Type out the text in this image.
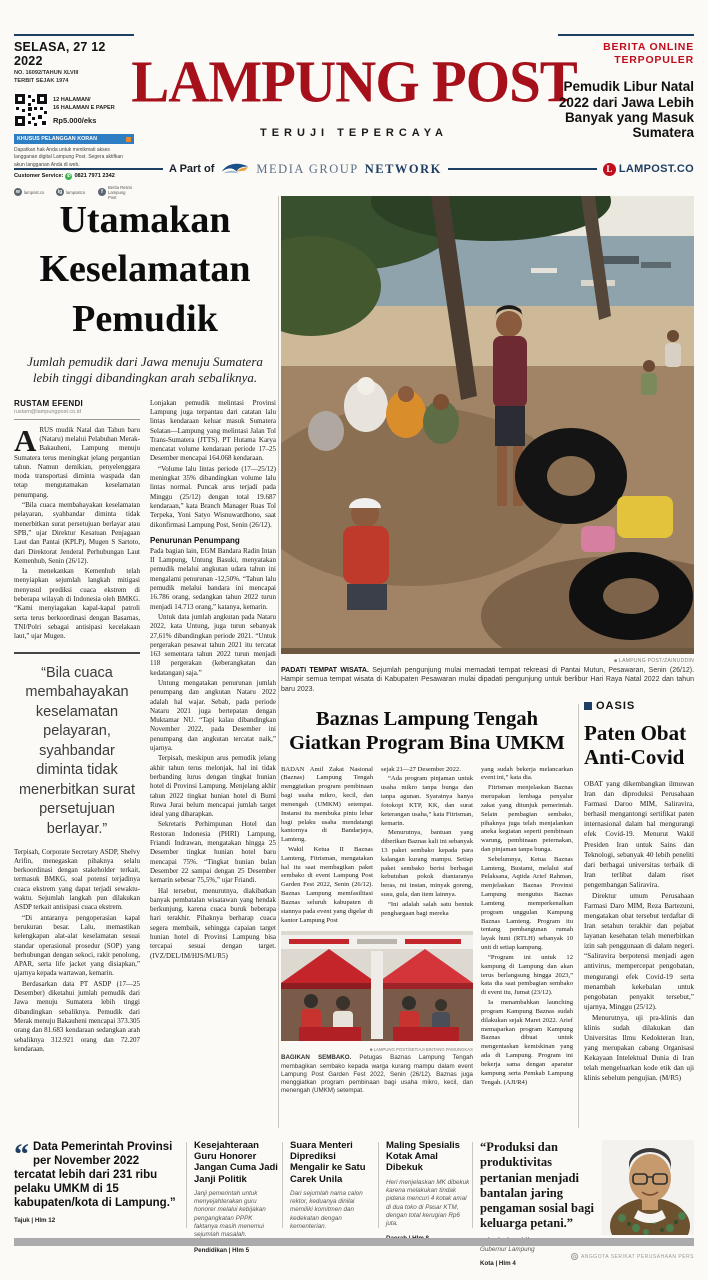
SELASA, 27 12 2022
NO. 16092/TAHUN XLVIII
TERBIT SEJAK 1974
12 HALAMAN/
16 HALAMAN E PAPER
Rp5.000/eks
KHUSUS PELANGGAN KORAN
Dapatkan hak Anda untuk menikmati akses langganan digital Lampung Post. Segera aktifkan akun langganan Anda di web.
Customer Service: ✆ 0821 7971 2342
w lampost.co	ig lampostco	f
Berita Resmi Lampung Post
LAMPUNG POST
TERUJI TEPERCAYA
BERITA ONLINE
TERPOPULER
Pemudik Libur Natal 2022 dari Jawa Lebih Banyak yang Masuk Sumatera
A Part of	MEDIA GROUP NETWORK	L LAMPOST.CO
Utamakan Keselamatan Pemudik
Jumlah pemudik dari Jawa menuju Sumatera lebih tinggi dibandingkan arah sebaliknya.
RUSTAM EFENDI
rustam@lampungpost.co.id

ARUS mudik Natal dan Tahun baru (Nataru) melalui Pelabuhan Merak-Bakauheni, Lampung menuju Sumatera terus meningkat jelang pergantian tahun. Namun demikian, penyelenggara moda transportasi diminta waspada dan tetap mengutamakan keselamatan penumpang.

“Bila cuaca membahayakan keselamatan pelayaran, syahbandar diminta tidak menerbitkan surat persetujuan berlayar atau SPB,” ujar Direktur Kesatuan Penjagaan Laut dan Pantai (KPLP), Mugen S Sartoto, dari Direktorat Jenderal Perhubungan Laut Kemenhub, Senin (26/12).

Ia menekankan Kemenhub telah menyiapkan sejumlah langkah mitigasi menyusul prediksi cuaca ekstrem di beberapa wilayah di Indonesia oleh BMKG. “Kami menyiagakan kapal-kapal patroli serta terus berkoordinasi dengan Basarnas, TNI/Polri sebagai antisipasi kecelakaan laut,” ujar Mugen.

“Bila cuaca membahayakan keselamatan pelayaran, syahbandar diminta tidak menerbitkan surat persetujuan berlayar.”

Terpisah, Corporate Secretary ASDP, Shelvy Arifin, menegaskan pihaknya selalu berkoordinasi dengan stakeholder terkait, termasuk BMKG, soal potensi terjadinya cuaca ekstrem yang dapat terjadi sewaktu-waktu. Sejumlah langkah pun dilakukan ASDP terkait antisipasi cuaca ekstrem.

“Di antaranya pengoperasian kapal berukuran besar. Lalu, memastikan kelengkapan alat-alat keselamatan sesuai standar operasional prosedur (SOP) yang berhubungan dengan sekoci, rakit penolong, APAR, serta life jacket yang disiapkan,” ujarnya kepada wartawan, kemarin.

Berdasarkan data PT ASDP (17—25 Desember) diketahui jumlah pemudik dari Jawa menuju Sumatera lebih tinggi dibandingkan sebaliknya. Pemudik dari Merak menuju Bakauheni mencapai 373.305 orang dan 81.683 kendaraan sedangkan arah sebaliknya 312.921 orang dan 72.207 kendaraan.

Lonjakan pemudik melintasi Provinsi Lampung juga terpantau dari catatan lalu lintas kendaraan keluar masuk Sumatera Selatan—Lampung yang melintasi Jalan Tol Trans-Sumatera (JTTS). PT Hutama Karya mencatat volume kendaraan periode 17–25 Desember mencapai 164.068 kendaraan.

“Volume lalu lintas periode (17—25/12) meningkat 35% dibandingkan volume lalu lintas normal. Puncak arus terjadi pada Minggu (25/12) dengan total 19.687 kendaraan,” kata Branch Manager Ruas Tol Terpeka, Yoni Satyo Wisnuwardhono, saat dikonfirmasi Lampung Post, Senin (26/12).

Penurunan Penumpang

Pada bagian lain, EGM Bandara Radin Intan II Lampung, Untung Basuki, menyatakan pemudik melalui angkutan udara tahun ini mengalami penurunan -12,50%. “Tahun lalu pemudik melalui bandara ini mencapai 16.786 orang, sedangkan tahun 2022 turun menjadi 14.713 orang,” katanya, kemarin.

Untuk data jumlah angkutan pada Nataru 2022, kata Untung, juga turun sebanyak 27,61% dibandingkan periode 2021. “Untuk pergerakan pesawat tahun 2021 itu tercatat 163 sementara tahun 2022 turun menjadi 118 pergerakan (keberangkatan dan kedatangan) saja.”

Untung mengatakan penurunan jumlah penumpang dan angkutan Nataru 2022 adalah hal wajar. Sebab, pada periode Nataru 2021 juga bertepatan dengan Muktamar NU. “Tapi kalau dibandingkan November 2022, pada Desember ini penumpang dan angkutan tercatat naik,” ujarnya.

Terpisah, meskipun arus pemudik jelang akhir tahun terus melonjak, hal ini tidak berbanding lurus dengan tingkat hunian hotel di Provinsi Lampung. Menjelang akhir tahun 2022 tingkat hunian hotel di Bumi Ruwa Jurai belum mencapai jumlah target ideal yang diharapkan.

Sekretaris Perhimpunan Hotel dan Restoran Indonesia (PHRI) Lampung, Friandi Indrawan, mengatakan hingga 25 Desember tingkat hunian hotel baru mencapai 75%. “Tingkat hunian bulan Desember 22 sampai dengan 25 Desember kemarin sebesar 75,5%,” ujar Friandi.

Hal tersebut, menurutnya, diakibatkan banyak pembatalan wisatawan yang hendak berkunjung, karena cuaca buruk beberapa hari terakhir. Pihaknya berharap cuaca segera membaik, sehingga capaian target hunian hotel di Provinsi Lampung bisa tercapai sesuai dengan target. (IVZ/DEL/IM/HJS/M1/R5)

■ LAMPUNG POST/ZAINUDDIN
PADATI TEMPAT WISATA. Sejumlah pengunjung mulai memadati tempat rekreasi di Pantai Mutun, Pesawaran, Senin (26/12). Hampir semua tempat wisata di Kabupaten Pesawaran mulai dipadati pengunjung untuk berlibur Hari Raya Natal 2022 dan tahun baru 2023.
Baznas Lampung Tengah Giatkan Program Bina UMKM

BADAN Amil Zakat Nasional (Baznas) Lampung Tengah menggiatkan program pembinaan bagi usaha mikro, kecil, dan menengah (UMKM) setempat. Instansi itu membuka pintu lebar bagi pelaku usaha mendatangi kantornya di Bandarjaya, Lamteng.

Wakil Ketua II Baznas Lamteng, Fitrisman, mengatakan hal itu saat membagikan paket sembako di event Lampung Post Garden Fest 2022, Senin (26/12). Baznas Lampung memfasilitasi Baznas seluruh kabupaten di stannya pada event yang digelar di kantor Lampung Post

sejak 21—27 Desember 2022.

“Ada program pinjaman untuk usaha mikro tanpa bunga dan tanpa agunan. Syaratnya hanya fotokopi KTP, KK, dan surat keterangan usaha,” kata Fitrisman, kemarin.

Menurutnya, bantuan yang diberikan Baznas kali ini sebanyak 13 paket sembako kepada para kalangan kurang mampu. Setiap paket sembako berisi berbagai kebutuhan pokok diantaranya beras, mi instan, minyak goreng, susu, gula, dan item lainnya.

“Ini adalah salah satu bentuk penghargaan bagi mereka

yang sudah bekerja melancarkan event ini,” kata dia.

Fitrisman menjelaskan Baznas merupakan lembaga penyalur zakat yang ditunjuk pemerintah. Selain pembagian sembako, pihaknya juga telah menjalankan aneka kegiatan seperti pembinaan warung, pembinaan peternakan, dan pinjaman tanpa bunga.

Sebelumnya, Ketua Baznas Lamteng, Bustami, melalui staf Pelaksana, Aqtida Arief Rahman, menjelaskan Baznas Provinsi Lampung mengutus Baznas Lamteng memperkenalkan program unggulan Kampung Baznas Lamteng. Program itu tentang pembangunan rumah layak huni (RTLH) sebanyak 10 unit di setiap kampung.

“Program ini untuk 12 kampung di Lampung dan akan terus berlangsung hingga 2023,” kata dia saat pembagian sembako di event itu, Jumat (23/12).

Ia menambahkan launching program Kampung Baznas sudah dilakukan sejak Maret 2022. Arief memaparkan program Kampung Baznas dibuat untuk mengentaskan kemiskinan yang ada di Lampung. Program ini bekerja sama dengan aparatur kampung serta Pemkab Lampung Tengah. (AJI/R4)

■ LAMPUNG POST/SETIAJI BINTANG PAMUNGKAS
BAGIKAN SEMBAKO. Petugas Baznas Lampung Tengah membagikan sembako kepada warga kurang mampu dalam event Lampung Post Garden Fest 2022, Senin (26/12). Baznas juga menggiatkan program pembinaan bagi usaha mikro, kecil, dan menengah (UMKM) setempat.
OASIS
Paten Obat Anti-Covid

OBAT yang dikembangkan ilmuwan Iran dan diproduksi Perusahaan Farmasi Daroo MIM, Saliravira, berhasil mengantongi sertifikat paten internasional dalam hal mengurangi efek Covid-19. Menurut Wakil Presiden Iran untuk Sains dan Teknologi, sebanyak 40 lebih peneliti dari berbagai universitas terbaik di Iran terlibat dalam riset pengembangan Saliravira.

Direktur umum Perusahaan Farmasi Daro MIM, Reza Bartezuni, mengatakan obat tersebut terdaftar di Iran setahun terakhir dan pejabat layanan kesehatan telah menerbitkan izin sah penggunaan di dalam negeri. “Saliravira berpotensi menjadi agen antivirus, mempercepat pengobatan, mengurangi efek Covid-19 serta menambah kekebalan untuk pengobatan penyakit tersebut,” ujarnya, Minggu (25/12).

Menurutnya, uji pra-klinis dan klinis sudah dilakukan dan Universitas Ilmu Kedokteran Iran, yang merupakan cabang Organisasi Kekayaan Intelektual Dunia di Iran telah mengeluarkan kode etik dan uji klinis sebelum pengujian. (M/R5)

“ Data Pemerintah Provinsi per November 2022 tercatat lebih dari 231 ribu pelaku UMKM di 15 kabupaten/kota di Lampung.”
Tajuk | Hlm 12
Kesejahteraan Guru Honorer Jangan Cuma Jadi Janji Politik
Janji pemerintah untuk menyejahterakan guru honorer melalui kebijakan pengangkatan PPPK faktanya masih menemui sejumlah masalah.
Pendidikan | Hlm 5
Suara Menteri Diprediksi Mengalir ke Satu Carek Unila
Dari sejumlah nama calon rektor, keduanya dinilai memiliki komitmen dan kedekatan dengan kementerian.
Maling Spesialis Kotak Amal Dibekuk
Heri menjelaskan MK dibekuk karena melakukan tindak pidana mencuri 4 kotak amal di dua toko di Pasar KTM, dengan total kerugian Rp6 juta.
“Produksi dan produktivitas pertanian menjadi bantalan jaring pengaman sosial bagi keluarga petani.”
Gubernur Lampung
Kota | Hlm 4
♻ ANGGOTA SERIKAT PERUSAHAAN PERS
